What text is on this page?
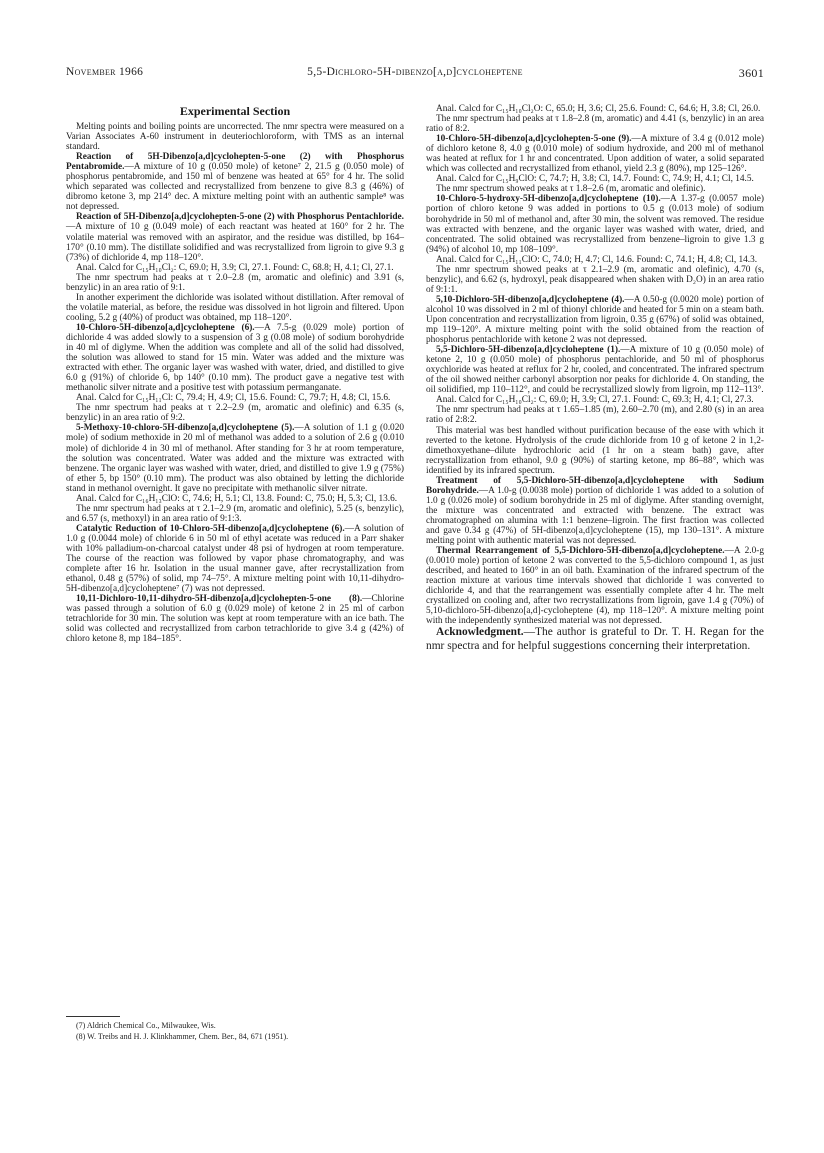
November 1966	5,5-Dichloro-5H-dibenzo[a,d]cycloheptene	3601
Experimental Section

Melting points and boiling points are uncorrected. The nmr spectra were measured on a Varian Associates A-60 instrument in deuteriochloroform, with TMS as an internal standard.

Reaction of 5H-Dibenzo[a,d]cyclohepten-5-one (2) with Phosphorus Pentabromide.—A mixture of 10 g (0.050 mole) of ketone⁷ 2, 21.5 g (0.050 mole) of phosphorus pentabromide, and 150 ml of benzene was heated at 65° for 4 hr. The solid which separated was collected and recrystallized from benzene to give 8.3 g (46%) of dibromo ketone 3, mp 214° dec. A mixture melting point with an authentic sample⁸ was not depressed.

Reaction of 5H-Dibenzo[a,d]cyclohepten-5-one (2) with Phosphorus Pentachloride.—A mixture of 10 g (0.049 mole) of each reactant was heated at 160° for 2 hr. The volatile material was removed with an aspirator, and the residue was distilled, bp 164–170° (0.10 mm). The distillate solidified and was recrystallized from ligroin to give 9.3 g (73%) of dichloride 4, mp 118–120°.

Anal. Calcd for C₁₅H₁₀Cl₂: C, 69.0; H, 3.9; Cl, 27.1. Found: C, 68.8; H, 4.1; Cl, 27.1.

The nmr spectrum had peaks at τ 2.0–2.8 (m, aromatic and olefinic) and 3.91 (s, benzylic) in an area ratio of 9:1.

In another experiment the dichloride was isolated without distillation. After removal of the volatile material, as before, the residue was dissolved in hot ligroin and filtered. Upon cooling, 5.2 g (40%) of product was obtained, mp 118–120°.

10-Chloro-5H-dibenzo[a,d]cycloheptene (6).—A 7.5-g (0.029 mole) portion of dichloride 4 was added slowly to a suspension of 3 g (0.08 mole) of sodium borohydride in 40 ml of diglyme. When the addition was complete and all of the solid had dissolved, the solution was allowed to stand for 15 min. Water was added and the mixture was extracted with ether. The organic layer was washed with water, dried, and distilled to give 6.0 g (91%) of chloride 6, bp 140° (0.10 mm). The product gave a negative test with methanolic silver nitrate and a positive test with potassium permanganate.

Anal. Calcd for C₁₅H₁₁Cl: C, 79.4; H, 4.9; Cl, 15.6. Found: C, 79.7; H, 4.8; Cl, 15.6.

The nmr spectrum had peaks at τ 2.2–2.9 (m, aromatic and olefinic) and 6.35 (s, benzylic) in an area ratio of 9:2.

5-Methoxy-10-chloro-5H-dibenzo[a,d]cycloheptene (5).—A solution of 1.1 g (0.020 mole) of sodium methoxide in 20 ml of methanol was added to a solution of 2.6 g (0.010 mole) of dichloride 4 in 30 ml of methanol. After standing for 3 hr at room temperature, the solution was concentrated. Water was added and the mixture was extracted with benzene. The organic layer was washed with water, dried, and distilled to give 1.9 g (75%) of ether 5, bp 150° (0.10 mm). The product was also obtained by letting the dichloride stand in methanol overnight. It gave no precipitate with methanolic silver nitrate.

Anal. Calcd for C₁₆H₁₃ClO: C, 74.6; H, 5.1; Cl, 13.8. Found: C, 75.0; H, 5.3; Cl, 13.6.

The nmr spectrum had peaks at τ 2.1–2.9 (m, aromatic and olefinic), 5.25 (s, benzylic), and 6.57 (s, methoxyl) in an area ratio of 9:1:3.

Catalytic Reduction of 10-Chloro-5H-dibenzo[a,d]cycloheptene (6).—A solution of 1.0 g (0.0044 mole) of chloride 6 in 50 ml of ethyl acetate was reduced in a Parr shaker with 10% palladium-on-charcoal catalyst under 48 psi of hydrogen at room temperature. The course of the reaction was followed by vapor phase chromatography, and was complete after 16 hr. Isolation in the usual manner gave, after recrystallization from ethanol, 0.48 g (57%) of solid, mp 74–75°. A mixture melting point with 10,11-dihydro-5H-dibenzo[a,d]cycloheptene⁷ (7) was not depressed.

10,11-Dichloro-10,11-dihydro-5H-dibenzo[a,d]cyclohepten-5-one (8).—Chlorine was passed through a solution of 6.0 g (0.029 mole) of ketone 2 in 25 ml of carbon tetrachloride for 30 min. The solution was kept at room temperature with an ice bath. The solid was collected and recrystallized from carbon tetrachloride to give 3.4 g (42%) of chloro ketone 8, mp 184–185°.

Anal. Calcd for C₁₅H₁₀Cl₂O: C, 65.0; H, 3.6; Cl, 25.6. Found: C, 64.6; H, 3.8; Cl, 26.0.

The nmr spectrum had peaks at τ 1.8–2.8 (m, aromatic) and 4.41 (s, benzylic) in an area ratio of 8:2.

10-Chloro-5H-dibenzo[a,d]cyclohepten-5-one (9).—A mixture of 3.4 g (0.012 mole) of dichloro ketone 8, 4.0 g (0.010 mole) of sodium hydroxide, and 200 ml of methanol was heated at reflux for 1 hr and concentrated. Upon addition of water, a solid separated which was collected and recrystallized from ethanol, yield 2.3 g (80%), mp 125–126°.

Anal. Calcd for C₁₅H₉ClO: C, 74.7; H, 3.8; Cl, 14.7. Found: C, 74.9; H, 4.1; Cl, 14.5.

The nmr spectrum showed peaks at τ 1.8–2.6 (m, aromatic and olefinic).

10-Chloro-5-hydroxy-5H-dibenzo[a,d]cycloheptene (10).—A 1.37-g (0.0057 mole) portion of chloro ketone 9 was added in portions to 0.5 g (0.013 mole) of sodium borohydride in 50 ml of methanol and, after 30 min, the solvent was removed. The residue was extracted with benzene, and the organic layer was washed with water, dried, and concentrated. The solid obtained was recrystallized from benzene–ligroin to give 1.3 g (94%) of alcohol 10, mp 108–109°.

Anal. Calcd for C₁₅H₁₁ClO: C, 74.0; H, 4.7; Cl, 14.6. Found: C, 74.1; H, 4.8; Cl, 14.3.

The nmr spectrum showed peaks at τ 2.1–2.9 (m, aromatic and olefinic), 4.70 (s, benzylic), and 6.62 (s, hydroxyl, peak disappeared when shaken with D₂O) in an area ratio of 9:1:1.

5,10-Dichloro-5H-dibenzo[a,d]cycloheptene (4).—A 0.50-g (0.0020 mole) portion of alcohol 10 was dissolved in 2 ml of thionyl chloride and heated for 5 min on a steam bath. Upon concentration and recrystallization from ligroin, 0.35 g (67%) of solid was obtained, mp 119–120°. A mixture melting point with the solid obtained from the reaction of phosphorus pentachloride with ketone 2 was not depressed.

5,5-Dichloro-5H-dibenzo[a,d]cycloheptene (1).—A mixture of 10 g (0.050 mole) of ketone 2, 10 g (0.050 mole) of phosphorus pentachloride, and 50 ml of phosphorus oxychloride was heated at reflux for 2 hr, cooled, and concentrated. The infrared spectrum of the oil showed neither carbonyl absorption nor peaks for dichloride 4. On standing, the oil solidified, mp 110–112°, and could be recrystallized slowly from ligroin, mp 112–113°.

Anal. Calcd for C₁₅H₁₀Cl₂: C, 69.0; H, 3.9; Cl, 27.1. Found: C, 69.3; H, 4.1; Cl, 27.3.

The nmr spectrum had peaks at τ 1.65–1.85 (m), 2.60–2.70 (m), and 2.80 (s) in an area ratio of 2:8:2.

This material was best handled without purification because of the ease with which it reverted to the ketone. Hydrolysis of the crude dichloride from 10 g of ketone 2 in 1,2-dimethoxyethane–dilute hydrochloric acid (1 hr on a steam bath) gave, after recrystallization from ethanol, 9.0 g (90%) of starting ketone, mp 86–88°, which was identified by its infrared spectrum.

Treatment of 5,5-Dichloro-5H-dibenzo[a,d]cycloheptene with Sodium Borohydride.—A 1.0-g (0.0038 mole) portion of dichloride 1 was added to a solution of 1.0 g (0.026 mole) of sodium borohydride in 25 ml of diglyme. After standing overnight, the mixture was concentrated and extracted with benzene. The extract was chromatographed on alumina with 1:1 benzene–ligroin. The first fraction was collected and gave 0.34 g (47%) of 5H-dibenzo[a,d]cycloheptene (15), mp 130–131°. A mixture melting point with authentic material was not depressed.

Thermal Rearrangement of 5,5-Dichloro-5H-dibenzo[a,d]cycloheptene.—A 2.0-g (0.0010 mole) portion of ketone 2 was converted to the 5,5-dichloro compound 1, as just described, and heated to 160° in an oil bath. Examination of the infrared spectrum of the reaction mixture at various time intervals showed that dichloride 1 was converted to dichloride 4, and that the rearrangement was essentially complete after 4 hr. The melt crystallized on cooling and, after two recrystallizations from ligroin, gave 1.4 g (70%) of 5,10-dichloro-5H-dibenzo[a,d]-cycloheptene (4), mp 118–120°. A mixture melting point with the independently synthesized material was not depressed.

Acknowledgment.—The author is grateful to Dr. T. H. Regan for the nmr spectra and for helpful suggestions concerning their interpretation.

(7) Aldrich Chemical Co., Milwaukee, Wis.
(8) W. Treibs and H. J. Klinkhammer, Chem. Ber., 84, 671 (1951).
